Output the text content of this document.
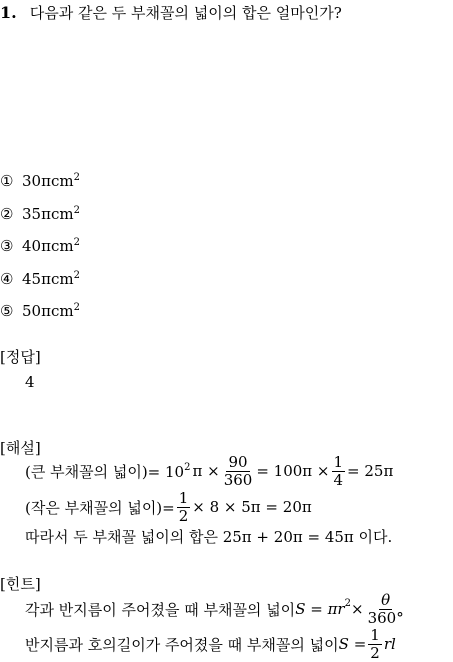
1. 다음과 같은 두 부채꼴의 넓이의 합은 얼마인가?
① 30πcm$^2$
② 35πcm$^2$
③ 40πcm$^2$
④ 45πcm$^2$
⑤ 50πcm$^2$
[정답]
4
[해설]
(큰 부채꼴의 넓이)= $10^2$ $\pi \times \frac{90}{360} = 100\pi \times \frac{1}{4} = 25\pi$
(작은 부채꼴의 넓이)= $\frac{1}{2} \times 8 \times 5\pi = 20\pi$
따라서 두 부채꼴 넓이의 합은 25π + 20π = 45π 이다.
[힌트]
각과 반지름이 주어졌을 때 부채꼴의 넓이 $S = \pi r^2 \times \frac{\theta}{360^\circ}$
반지름과 호의길이가 주어졌을 때 부채꼴의 넓이 $S = \frac{1}{2}$ rl
